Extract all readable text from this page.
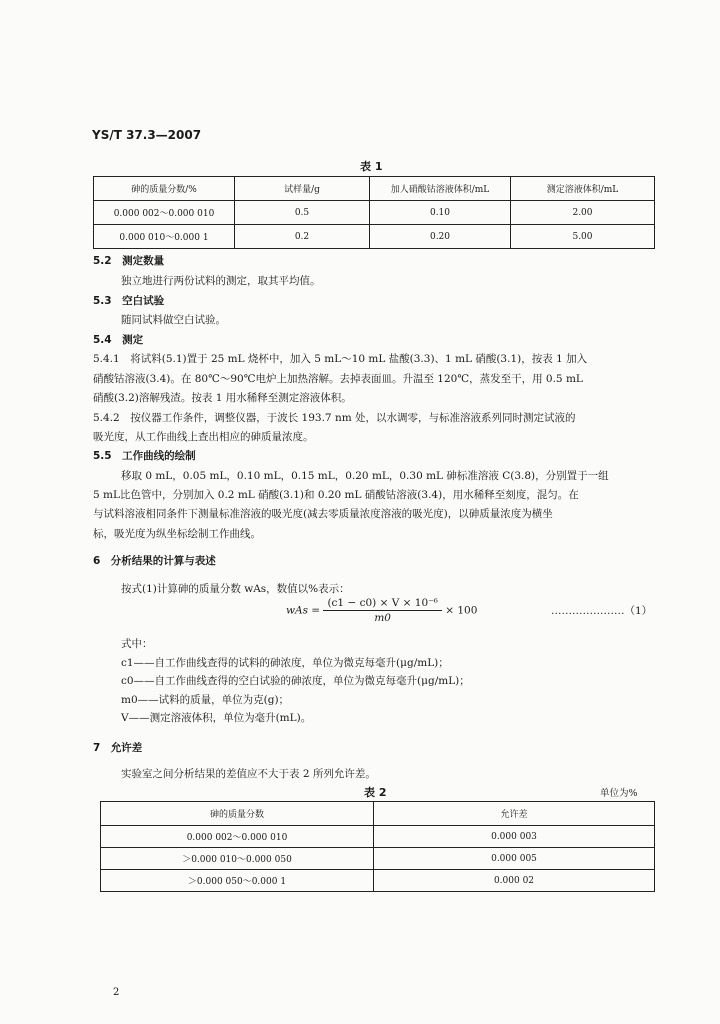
YS/T 37.3—2007
表 1
砷的质量分数/%	试样量/g	加人硝酸钴溶液体积/mL	测定溶液体积/mL
0.000 002～0.000 010	0.5	0.10	2.00
0.000 010～0.000 1	0.2	0.20	5.00
5.2　测定数量
独立地进行两份试料的测定，取其平均值。
5.3　空白试验
随同试料做空白试验。
5.4　测定
5.4.1　将试料(5.1)置于 25 mL 烧杯中，加入 5 mL～10 mL 盐酸(3.3)、1 mL 硝酸(3.1)，按表 1 加入
硝酸钴溶液(3.4)。在 80℃～90℃电炉上加热溶解。去掉表面皿。升温至 120℃，蒸发至干，用 0.5 mL
硝酸(3.2)溶解残渣。按表 1 用水稀释至测定溶液体积。
5.4.2　按仪器工作条件，调整仪器，于波长 193.7 nm 处，以水调零，与标准溶液系列同时测定试液的
吸光度，从工作曲线上查出相应的砷质量浓度。
5.5　工作曲线的绘制
移取 0 mL，0.05 mL，0.10 mL，0.15 mL，0.20 mL，0.30 mL 砷标准溶液 C(3.8)，分别置于一组
5 mL比色管中，分别加入 0.2 mL 硝酸(3.1)和 0.20 mL 硝酸钴溶液(3.4)，用水稀释至刻度，混匀。在
与试料溶液相同条件下测量标准溶液的吸光度(减去零质量浓度溶液的吸光度)，以砷质量浓度为横坐
标，吸光度为纵坐标绘制工作曲线。
6　分析结果的计算与表述
按式(1)计算砷的质量分数 wAs，数值以%表示：
wAs = $\frac{\text{(c1 − c0) × V × 10⁻⁶}}{m0} \times 100$	…………………（1）
式中：
c1——自工作曲线查得的试料的砷浓度，单位为微克每毫升(μg/mL)；
c0——自工作曲线查得的空白试验的砷浓度，单位为微克每毫升(μg/mL)；
m0——试料的质量，单位为克(g)；
V——测定溶液体积，单位为毫升(mL)。
7　允许差
实验室之间分析结果的差值应不大于表 2 所列允许差。
表 2	单位为%
砷的质量分数	允许差
0.000 002～0.000 010	0.000 003
＞0.000 010～0.000 050	0.000 005
＞0.000 050～0.000 1	0.000 02
2
